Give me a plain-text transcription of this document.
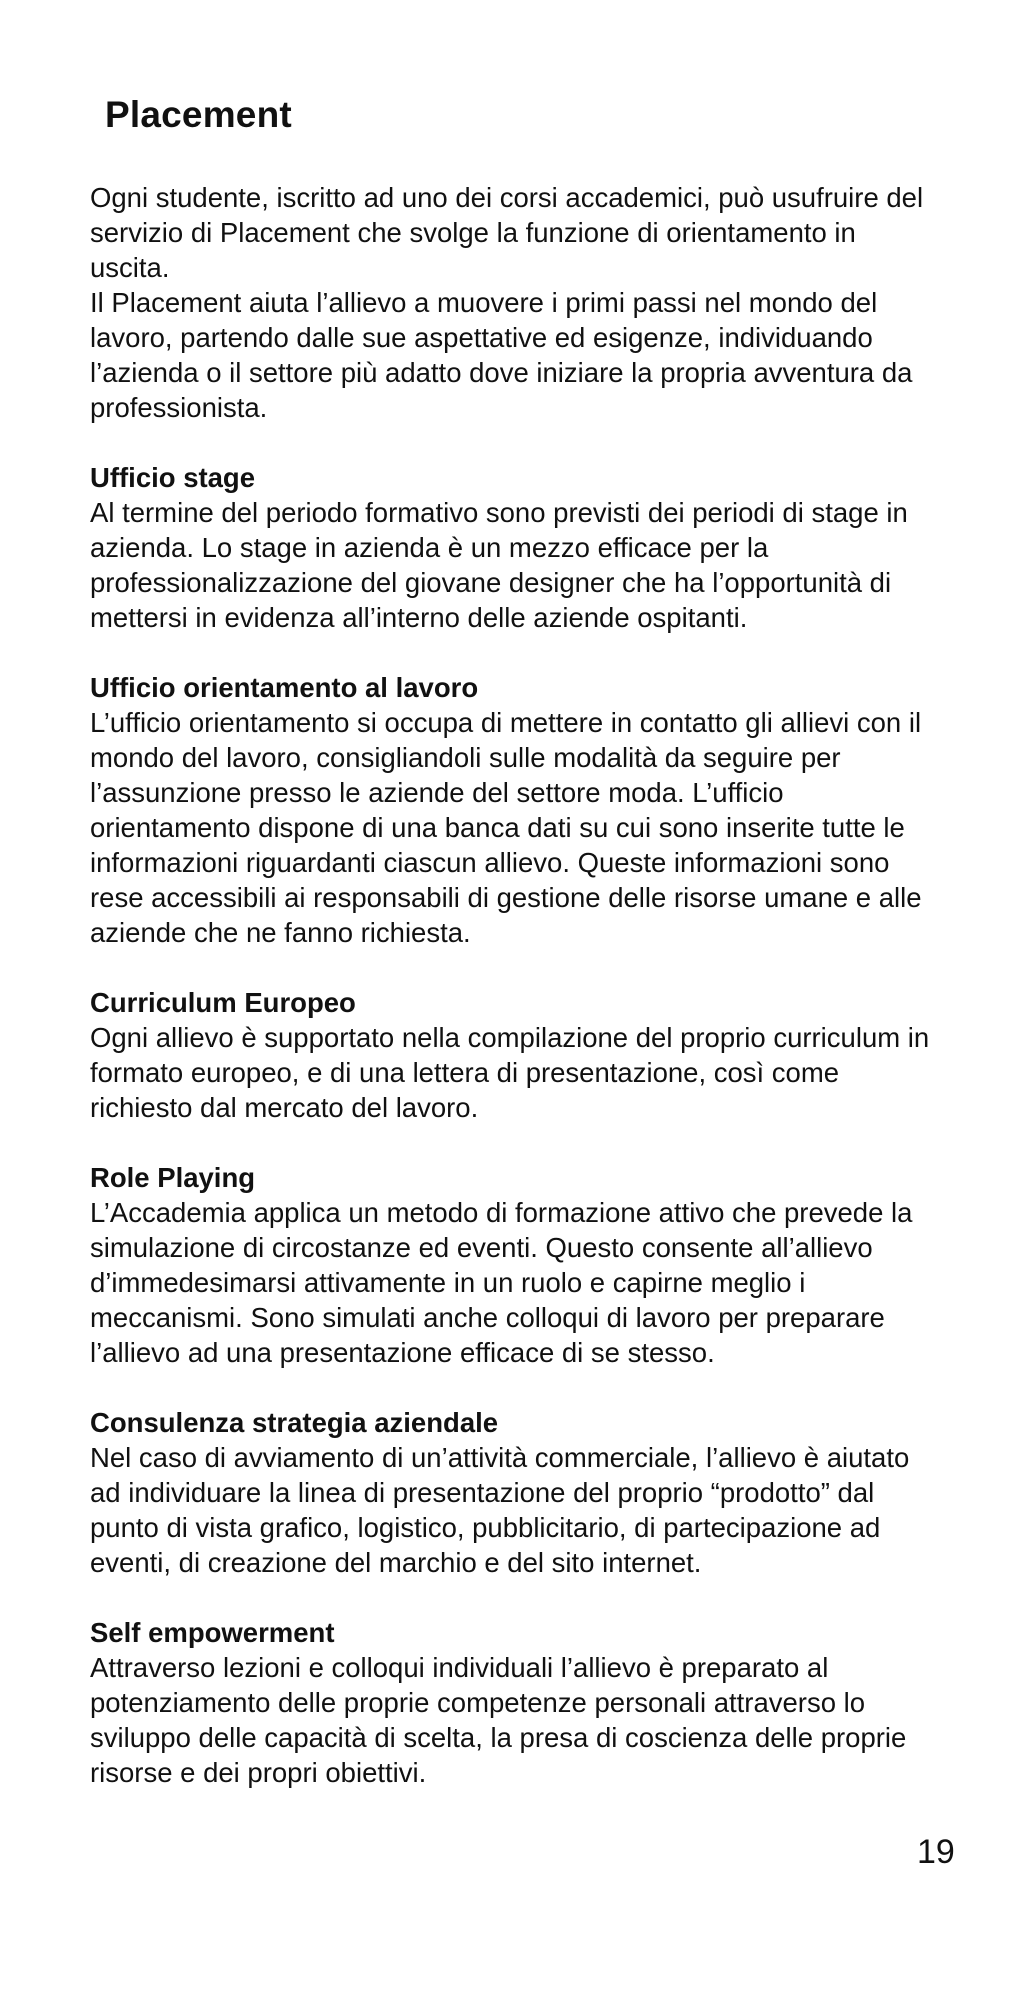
Placement

Ogni studente, iscritto ad uno dei corsi accademici, può usufruire del servizio di Placement che svolge la funzione di orientamento in uscita.

Il Placement aiuta l’allievo a muovere i primi passi nel mondo del lavoro, partendo dalle sue aspettative ed esigenze, individuando l’azienda o il settore più adatto dove iniziare la propria avventura da professionista.

Ufficio stage

Al termine del periodo formativo sono previsti dei periodi di stage in azienda. Lo stage in azienda è un mezzo efficace per la professionalizzazione del giovane designer che ha l’opportunità di mettersi in evidenza all’interno delle aziende ospitanti.

Ufficio orientamento al lavoro

L’ufficio orientamento si occupa di mettere in contatto gli allievi con il mondo del lavoro, consigliandoli sulle modalità da seguire per l’assunzione presso le aziende del settore moda. L’ufficio orientamento dispone di una banca dati su cui sono inserite tutte le informazioni riguardanti ciascun allievo. Queste informazioni sono rese accessibili ai responsabili di gestione delle risorse umane e alle aziende che ne fanno richiesta.

Curriculum Europeo

Ogni allievo è supportato nella compilazione del proprio curriculum in formato europeo, e di una lettera di presentazione, così come richiesto dal mercato del lavoro.

Role Playing

L’Accademia applica un metodo di formazione attivo che prevede la simulazione di circostanze ed eventi. Questo consente all’allievo d’immedesimarsi attivamente in un ruolo e capirne meglio i meccanismi. Sono simulati anche colloqui di lavoro per preparare l’allievo ad una presentazione efficace di se stesso.

Consulenza strategia aziendale

Nel caso di avviamento di un’attività commerciale, l’allievo è aiutato ad individuare la linea di presentazione del proprio “prodotto” dal punto di vista grafico, logistico, pubblicitario, di partecipazione ad eventi, di creazione del marchio e del sito internet.

Self empowerment

Attraverso lezioni e colloqui individuali l’allievo è preparato al potenziamento delle proprie competenze personali attraverso lo sviluppo delle capacità di scelta, la presa di coscienza delle proprie risorse e dei propri obiettivi.

19
